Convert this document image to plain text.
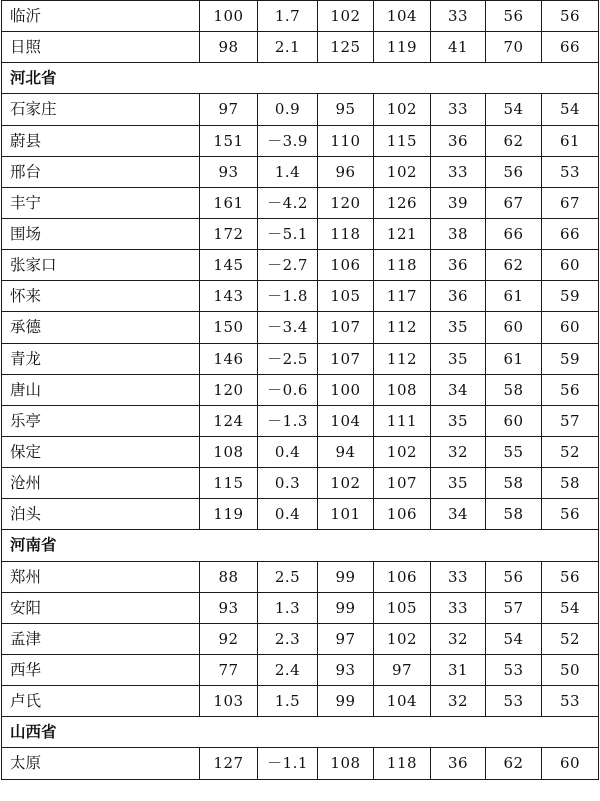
临沂	100	1.7	102	104	33	56	56
日照	98	2.1	125	119	41	70	66
河北省							
石家庄	97	0.9	95	102	33	54	54
蔚县	151	－3.9	110	115	36	62	61
邢台	93	1.4	96	102	33	56	53
丰宁	161	－4.2	120	126	39	67	67
围场	172	－5.1	118	121	38	66	66
张家口	145	－2.7	106	118	36	62	60
怀来	143	－1.8	105	117	36	61	59
承德	150	－3.4	107	112	35	60	60
青龙	146	－2.5	107	112	35	61	59
唐山	120	－0.6	100	108	34	58	56
乐亭	124	－1.3	104	111	35	60	57
保定	108	0.4	94	102	32	55	52
沧州	115	0.3	102	107	35	58	58
泊头	119	0.4	101	106	34	58	56
河南省							
郑州	88	2.5	99	106	33	56	56
安阳	93	1.3	99	105	33	57	54
孟津	92	2.3	97	102	32	54	52
西华	77	2.4	93	97	31	53	50
卢氏	103	1.5	99	104	32	53	53
山西省							
太原	127	－1.1	108	118	36	62	60
